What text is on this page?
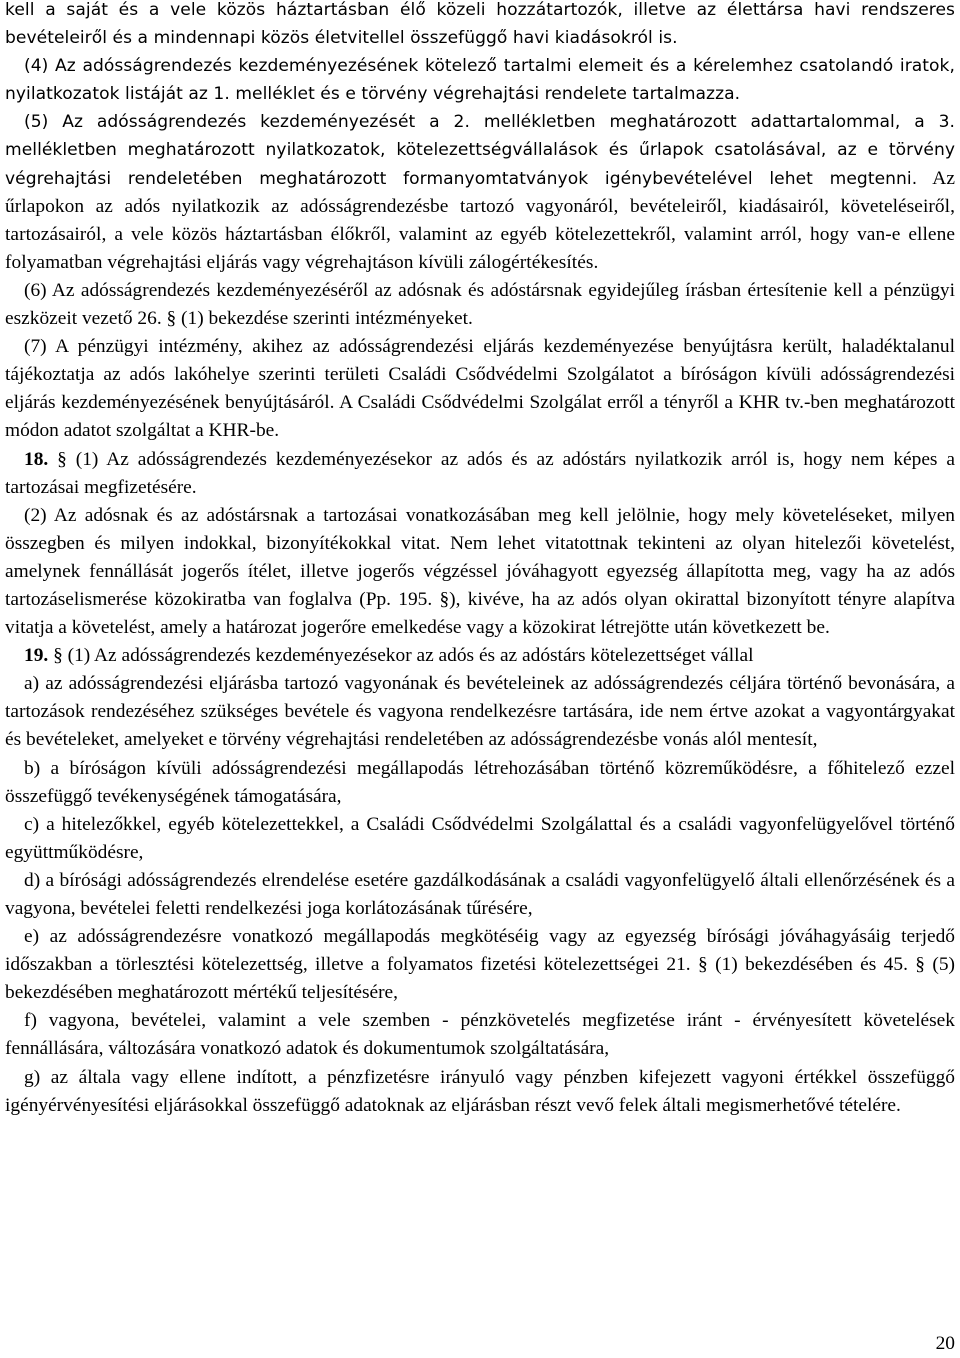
kell a saját és a vele közös háztartásban élő közeli hozzátartozók, illetve az élettársa havi rendszeres bevételeiről és a mindennapi közös életvitellel összefüggő havi kiadásokról is.

(4) Az adósságrendezés kezdeményezésének kötelező tartalmi elemeit és a kérelemhez csatolandó iratok, nyilatkozatok listáját az 1. melléklet és e törvény végrehajtási rendelete tartalmazza.

(5) Az adósságrendezés kezdeményezését a 2. mellékletben meghatározott adattartalommal, a 3. mellékletben meghatározott nyilatkozatok, kötelezettségvállalások és űrlapok csatolásával, az e törvény végrehajtási rendeletében meghatározott formanyomtatványok igénybevételével lehet megtenni. Az űrlapokon az adós nyilatkozik az adósságrendezésbe tartozó vagyonáról, bevételeiről, kiadásairól, követeléseiről, tartozásairól, a vele közös háztartásban élőkről, valamint az egyéb kötelezettekről, valamint arról, hogy van-e ellene folyamatban végrehajtási eljárás vagy végrehajtáson kívüli zálogértékesítés.

(6) Az adósságrendezés kezdeményezéséről az adósnak és adóstársnak egyidejűleg írásban értesítenie kell a pénzügyi eszközeit vezető 26. § (1) bekezdése szerinti intézményeket.

(7) A pénzügyi intézmény, akihez az adósságrendezési eljárás kezdeményezése benyújtásra került, haladéktalanul tájékoztatja az adós lakóhelye szerinti területi Családi Csődvédelmi Szolgálatot a bíróságon kívüli adósságrendezési eljárás kezdeményezésének benyújtásáról. A Családi Csődvédelmi Szolgálat erről a tényről a KHR tv.-ben meghatározott módon adatot szolgáltat a KHR-be.

18. § (1) Az adósságrendezés kezdeményezésekor az adós és az adóstárs nyilatkozik arról is, hogy nem képes a tartozásai megfizetésére.

(2) Az adósnak és az adóstársnak a tartozásai vonatkozásában meg kell jelölnie, hogy mely követeléseket, milyen összegben és milyen indokkal, bizonyítékokkal vitat. Nem lehet vitatottnak tekinteni az olyan hitelezői követelést, amelynek fennállását jogerős ítélet, illetve jogerős végzéssel jóváhagyott egyezség állapította meg, vagy ha az adós tartozáselismerése közokiratba van foglalva (Pp. 195. §), kivéve, ha az adós olyan okirattal bizonyított tényre alapítva vitatja a követelést, amely a határozat jogerőre emelkedése vagy a közokirat létrejötte után következett be.

19. § (1) Az adósságrendezés kezdeményezésekor az adós és az adóstárs kötelezettséget vállal

a) az adósságrendezési eljárásba tartozó vagyonának és bevételeinek az adósságrendezés céljára történő bevonására, a tartozások rendezéséhez szükséges bevétele és vagyona rendelkezésre tartására, ide nem értve azokat a vagyontárgyakat és bevételeket, amelyeket e törvény végrehajtási rendeletében az adósságrendezésbe vonás alól mentesít,

b) a bíróságon kívüli adósságrendezési megállapodás létrehozásában történő közreműködésre, a főhitelező ezzel összefüggő tevékenységének támogatására,

c) a hitelezőkkel, egyéb kötelezettekkel, a Családi Csődvédelmi Szolgálattal és a családi vagyonfelügyelővel történő együttműködésre,

d) a bírósági adósságrendezés elrendelése esetére gazdálkodásának a családi vagyonfelügyelő általi ellenőrzésének és a vagyona, bevételei feletti rendelkezési joga korlátozásának tűrésére,

e) az adósságrendezésre vonatkozó megállapodás megkötéséig vagy az egyezség bírósági jóváhagyásáig terjedő időszakban a törlesztési kötelezettség, illetve a folyamatos fizetési kötelezettségei 21. § (1) bekezdésében és 45. § (5) bekezdésében meghatározott mértékű teljesítésére,

f) vagyona, bevételei, valamint a vele szemben - pénzkövetelés megfizetése iránt - érvényesített követelések fennállására, változására vonatkozó adatok és dokumentumok szolgáltatására,

g) az általa vagy ellene indított, a pénzfizetésre irányuló vagy pénzben kifejezett vagyoni értékkel összefüggő igényérvényesítési eljárásokkal összefüggő adatoknak az eljárásban részt vevő felek általi megismerhetővé tételére.

20
